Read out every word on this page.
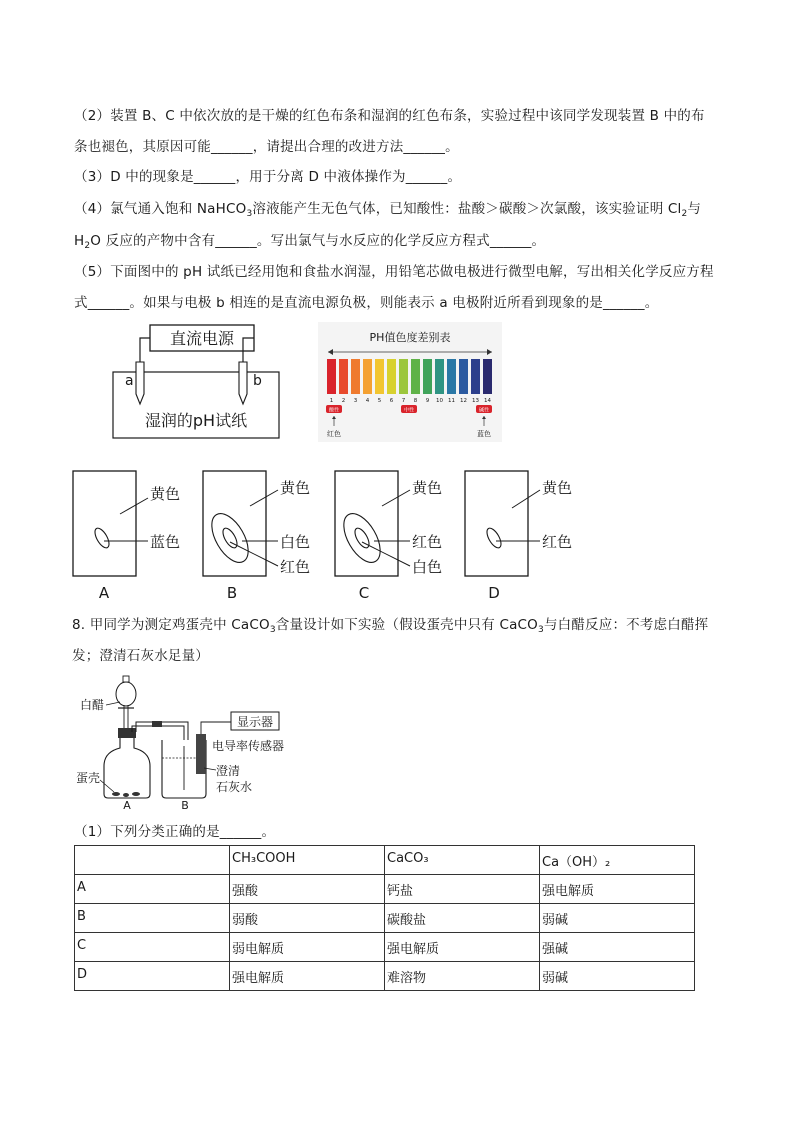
（2）装置 B、C 中依次放的是干燥的红色布条和湿润的红色布条，实验过程中该同学发现装置 B 中的布
条也褪色，其原因可能______，请提出合理的改进方法______。
（3）D 中的现象是______，用于分离 D 中液体操作为______。
（4）氯气通入饱和 NaHCO$_3$溶液能产生无色气体，已知酸性：盐酸＞碳酸＞次氯酸，该实验证明 $Cl_2$与
$H_2O$ 反应的产物中含有______。写出氯气与水反应的化学反应方程式______。
（5）下面图中的 pH 试纸已经用饱和食盐水润湿，用铅笔芯做电极进行微型电解，写出相关化学反应方程
式______。如果与电极 b 相连的是直流电源负极，则能表示 a 电极附近所看到现象的是______。
直流电源
a	b
湿润的pH试纸
PH值色度差别表
1 2 3 4 5 6 7 8 9 10 11 12 13 14
酸性	中性	碱性
红色	蓝色
黄色
蓝色
A
黄色
白色
红色
B
黄色
红色
白色
C
黄色
红色
D
8. 甲同学为测定鸡蛋壳中 CaCO$_3$含量设计如下实验（假设蛋壳中只有 CaCO$_3$与白醋反应：不考虑白醋挥
发；澄清石灰水足量）
白醋
蛋壳
A	B
显示器
电导率传感器
澄清
石灰水
（1）下列分类正确的是______。
	CH₃COOH	CaCO₃	Ca（OH）₂
A	强酸	钙盐	强电解质
B	弱酸	碳酸盐	弱碱
C	弱电解质	强电解质	强碱
D	强电解质	难溶物	弱碱
